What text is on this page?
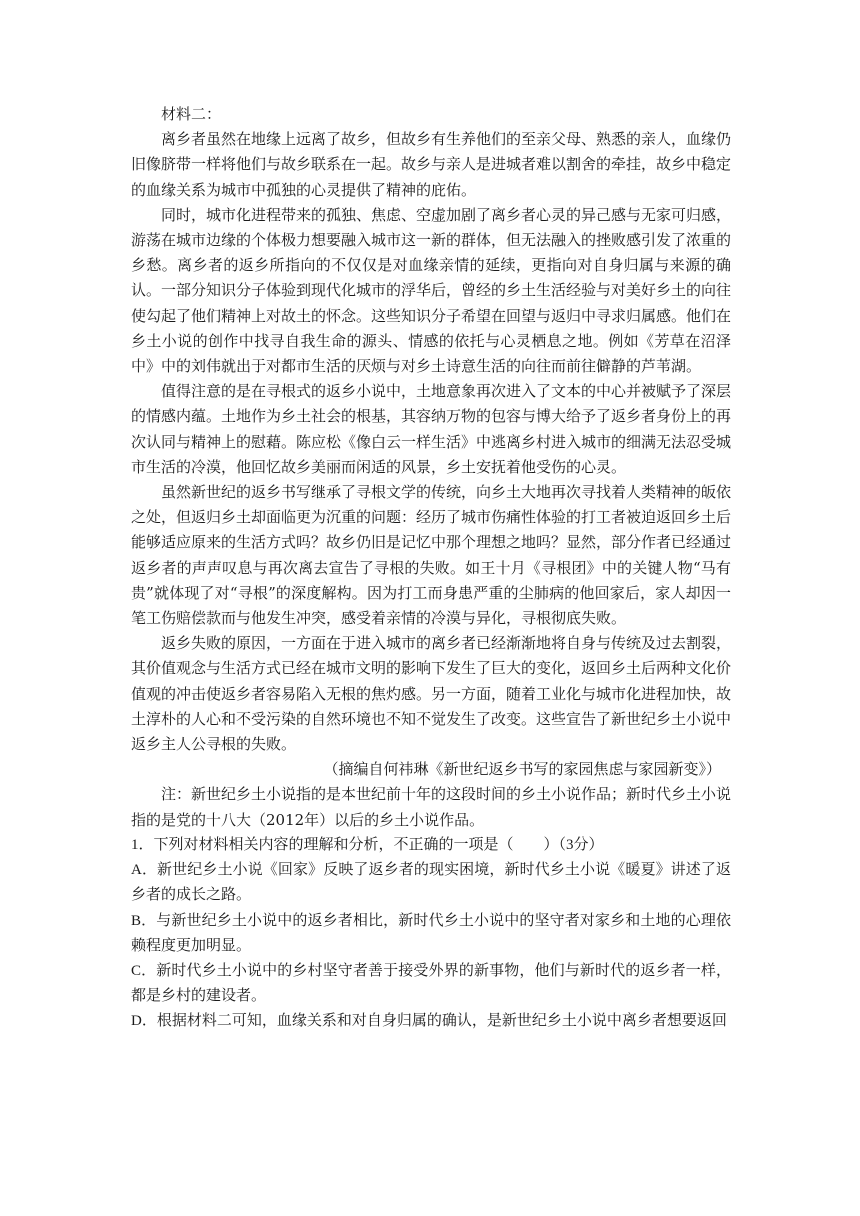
材料二：

离乡者虽然在地缘上远离了故乡，但故乡有生养他们的至亲父母、熟悉的亲人，血缘仍旧像脐带一样将他们与故乡联系在一起。故乡与亲人是进城者难以割舍的牵挂，故乡中稳定的血缘关系为城市中孤独的心灵提供了精神的庇佑。

同时，城市化进程带来的孤独、焦虑、空虚加剧了离乡者心灵的异己感与无家可归感，游荡在城市边缘的个体极力想要融入城市这一新的群体，但无法融入的挫败感引发了浓重的乡愁。离乡者的返乡所指向的不仅仅是对血缘亲情的延续，更指向对自身归属与来源的确认。一部分知识分子体验到现代化城市的浮华后，曾经的乡土生活经验与对美好乡土的向往使勾起了他们精神上对故土的怀念。这些知识分子希望在回望与返归中寻求归属感。他们在乡土小说的创作中找寻自我生命的源头、情感的依托与心灵栖息之地。例如《芳草在沼泽中》中的刘伟就出于对都市生活的厌烦与对乡土诗意生活的向往而前往僻静的芦苇湖。

值得注意的是在寻根式的返乡小说中，土地意象再次进入了文本的中心并被赋予了深层的情感内蕴。土地作为乡土社会的根基，其容纳万物的包容与博大给予了返乡者身份上的再次认同与精神上的慰藉。陈应松《像白云一样生活》中逃离乡村进入城市的细满无法忍受城市生活的冷漠，他回忆故乡美丽而闲适的风景，乡土安抚着他受伤的心灵。

虽然新世纪的返乡书写继承了寻根文学的传统，向乡土大地再次寻找着人类精神的皈依之处，但返归乡土却面临更为沉重的问题：经历了城市伤痛性体验的打工者被迫返回乡土后能够适应原来的生活方式吗？故乡仍旧是记忆中那个理想之地吗？显然，部分作者已经通过返乡者的声声叹息与再次离去宣告了寻根的失败。如王十月《寻根团》中的关键人物“马有贵”就体现了对“寻根”的深度解构。因为打工而身患严重的尘肺病的他回家后，家人却因一笔工伤赔偿款而与他发生冲突，感受着亲情的冷漠与异化，寻根彻底失败。

返乡失败的原因，一方面在于进入城市的离乡者已经渐渐地将自身与传统及过去割裂，其价值观念与生活方式已经在城市文明的影响下发生了巨大的变化，返回乡土后两种文化价值观的冲击使返乡者容易陷入无根的焦灼感。另一方面，随着工业化与城市化进程加快，故土淳朴的人心和不受污染的自然环境也不知不觉发生了改变。这些宣告了新世纪乡土小说中返乡主人公寻根的失败。

（摘编自何祎琳《新世纪返乡书写的家园焦虑与家园新变》）

注：新世纪乡土小说指的是本世纪前十年的这段时间的乡土小说作品；新时代乡土小说指的是党的十八大（2012年）以后的乡土小说作品。

1．下列对材料相关内容的理解和分析，不正确的一项是（　　）（3分）

A．新世纪乡土小说《回家》反映了返乡者的现实困境，新时代乡土小说《暖夏》讲述了返乡者的成长之路。

B．与新世纪乡土小说中的返乡者相比，新时代乡土小说中的坚守者对家乡和土地的心理依赖程度更加明显。

C．新时代乡土小说中的乡村坚守者善于接受外界的新事物，他们与新时代的返乡者一样，都是乡村的建设者。

D．根据材料二可知，血缘关系和对自身归属的确认，是新世纪乡土小说中离乡者想要返回
